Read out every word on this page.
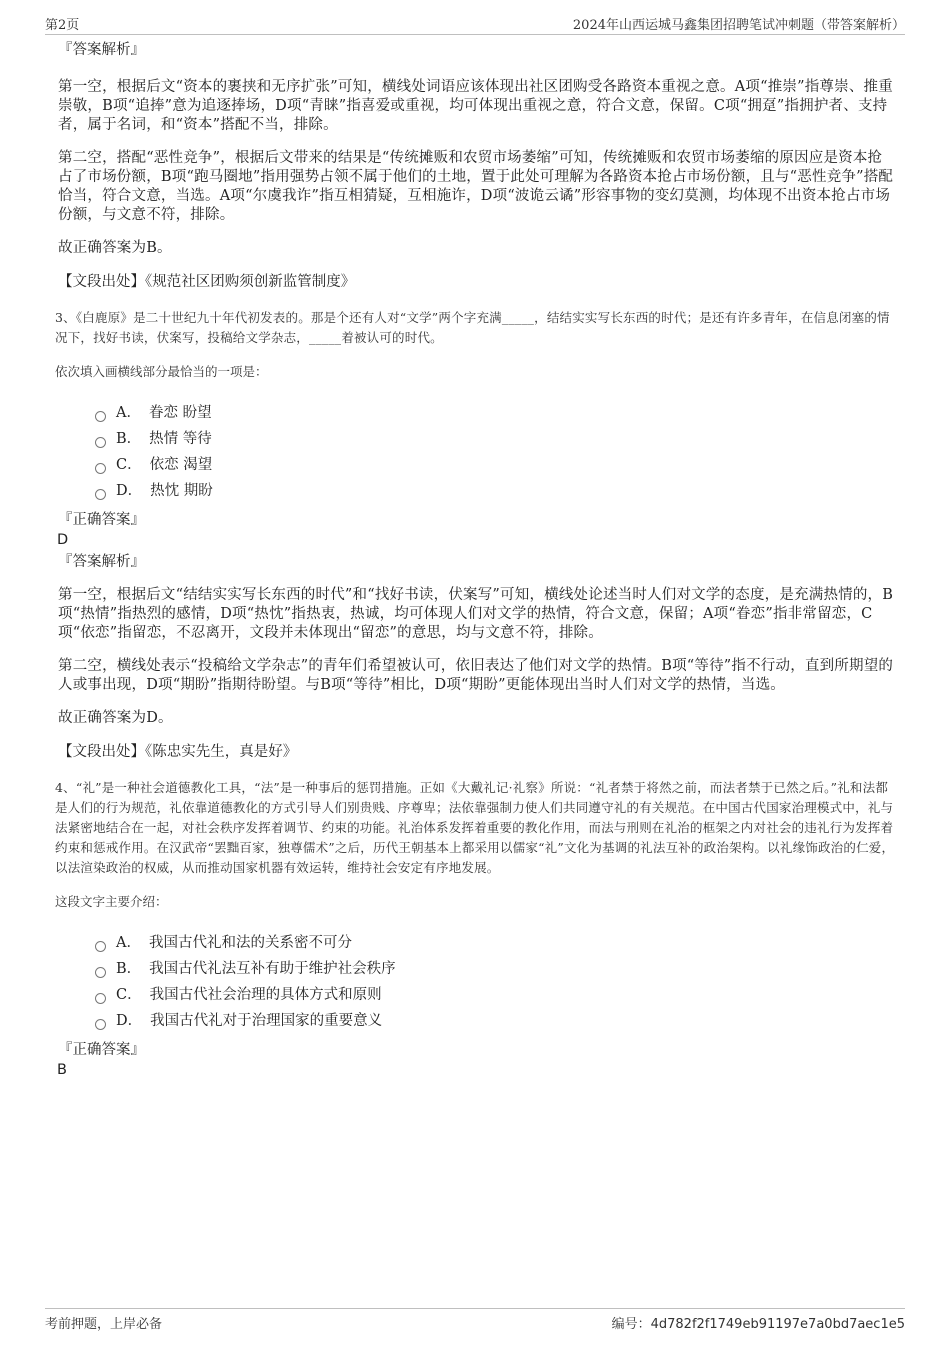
第2页	2024年山西运城马鑫集团招聘笔试冲刺题（带答案解析）
『答案解析』

第一空，根据后文“资本的裹挟和无序扩张”可知，横线处词语应该体现出社区团购受各路资本重视之意。A项“推崇”指尊崇、推重崇敬，B项“追捧”意为追逐捧场，D项“青睐”指喜爱或重视，均可体现出重视之意，符合文意，保留。C项“拥趸”指拥护者、支持者，属于名词，和“资本”搭配不当，排除。

第二空，搭配“恶性竞争”，根据后文带来的结果是“传统摊贩和农贸市场萎缩”可知，传统摊贩和农贸市场萎缩的原因应是资本抢占了市场份额，B项“跑马圈地”指用强势占领不属于他们的土地，置于此处可理解为各路资本抢占市场份额，且与“恶性竞争”搭配恰当，符合文意，当选。A项“尔虞我诈”指互相猜疑，互相施诈，D项“波诡云谲”形容事物的变幻莫测，均体现不出资本抢占市场份额，与文意不符，排除。

故正确答案为B。

【文段出处】《规范社区团购须创新监管制度》

3、《白鹿原》是二十世纪九十年代初发表的。那是个还有人对“文学”两个字充满_____，结结实实写长东西的时代；是还有许多青年，在信息闭塞的情况下，找好书读，伏案写，投稿给文学杂志，_____着被认可的时代。

依次填入画横线部分最恰当的一项是：

A． 眷恋 盼望
B． 热情 等待
C． 依恋 渴望
D． 热忱 期盼
『正确答案』
D
『答案解析』

第一空，根据后文“结结实实写长东西的时代”和“找好书读，伏案写”可知，横线处论述当时人们对文学的态度，是充满热情的，B项“热情”指热烈的感情，D项“热忱”指热衷，热诚，均可体现人们对文学的热情，符合文意，保留；A项“眷恋”指非常留恋，C项“依恋”指留恋，不忍离开，文段并未体现出“留恋”的意思，均与文意不符，排除。

第二空，横线处表示“投稿给文学杂志”的青年们希望被认可，依旧表达了他们对文学的热情。B项“等待”指不行动，直到所期望的人或事出现，D项“期盼”指期待盼望。与B项“等待”相比，D项“期盼”更能体现出当时人们对文学的热情，当选。

故正确答案为D。

【文段出处】《陈忠实先生，真是好》

4、“礼”是一种社会道德教化工具，“法”是一种事后的惩罚措施。正如《大戴礼记·礼察》所说：“礼者禁于将然之前，而法者禁于已然之后。”礼和法都是人们的行为规范，礼依靠道德教化的方式引导人们别贵贱、序尊卑；法依靠强制力使人们共同遵守礼的有关规范。在中国古代国家治理模式中，礼与法紧密地结合在一起，对社会秩序发挥着调节、约束的功能。礼治体系发挥着重要的教化作用，而法与刑则在礼治的框架之内对社会的违礼行为发挥着约束和惩戒作用。在汉武帝“罢黜百家，独尊儒术”之后，历代王朝基本上都采用以儒家“礼”文化为基调的礼法互补的政治架构。以礼缘饰政治的仁爱，以法渲染政治的权威，从而推动国家机器有效运转，维持社会安定有序地发展。

这段文字主要介绍：

A． 我国古代礼和法的关系密不可分
B． 我国古代礼法互补有助于维护社会秩序
C． 我国古代社会治理的具体方式和原则
D． 我国古代礼对于治理国家的重要意义
『正确答案』
B
考前押题，上岸必备	编号：4d782f2f1749eb91197e7a0bd7aec1e5
